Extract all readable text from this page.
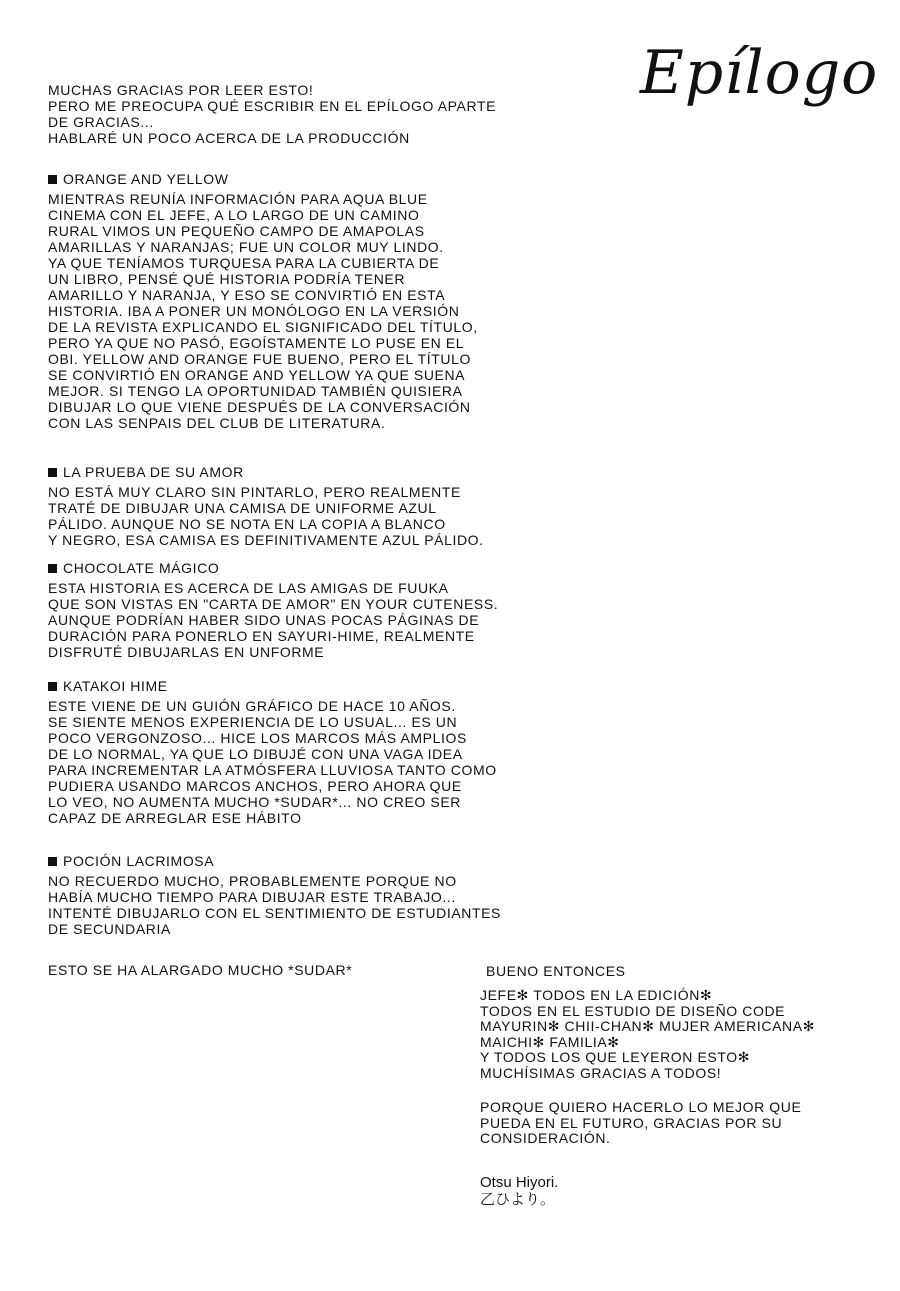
Epílogo

MUCHAS GRACIAS POR LEER ESTO!
PERO ME PREOCUPA QUÉ ESCRIBIR EN EL EPÍLOGO APARTE
DE GRACIAS...
HABLARÉ UN POCO ACERCA DE LA PRODUCCIÓN

ORANGE AND YELLOW

MIENTRAS REUNÍA INFORMACIÓN PARA AQUA BLUE
CINEMA CON EL JEFE, A LO LARGO DE UN CAMINO
RURAL VIMOS UN PEQUEÑO CAMPO DE AMAPOLAS
AMARILLAS Y NARANJAS; FUE UN COLOR MUY LINDO.
YA QUE TENÍAMOS TURQUESA PARA LA CUBIERTA DE
UN LIBRO, PENSÉ QUÉ HISTORIA PODRÍA TENER
AMARILLO Y NARANJA, Y ESO SE CONVIRTIÓ EN ESTA
HISTORIA. IBA A PONER UN MONÓLOGO EN LA VERSIÓN
DE LA REVISTA EXPLICANDO EL SIGNIFICADO DEL TÍTULO,
PERO YA QUE NO PASÓ, EGOÍSTAMENTE LO PUSE EN EL
OBI. YELLOW AND ORANGE FUE BUENO, PERO EL TÍTULO
SE CONVIRTIÓ EN ORANGE AND YELLOW YA QUE SUENA
MEJOR. SI TENGO LA OPORTUNIDAD TAMBIÉN QUISIERA
DIBUJAR LO QUE VIENE DESPUÉS DE LA CONVERSACIÓN
CON LAS SENPAIS DEL CLUB DE LITERATURA.

LA PRUEBA DE SU AMOR

NO ESTÁ MUY CLARO SIN PINTARLO, PERO REALMENTE
TRATÉ DE DIBUJAR UNA CAMISA DE UNIFORME AZUL
PÁLIDO. AUNQUE NO SE NOTA EN LA COPIA A BLANCO
Y NEGRO, ESA CAMISA ES DEFINITIVAMENTE AZUL PÁLIDO.

CHOCOLATE MÁGICO

ESTA HISTORIA ES ACERCA DE LAS AMIGAS DE FUUKA
QUE SON VISTAS EN "CARTA DE AMOR" EN YOUR CUTENESS.
AUNQUE PODRÍAN HABER SIDO UNAS POCAS PÁGINAS DE
DURACIÓN PARA PONERLO EN SAYURI-HIME, REALMENTE
DISFRUTÉ DIBUJARLAS EN UNFORME

KATAKOI HIME

ESTE VIENE DE UN GUIÓN GRÁFICO DE HACE 10 AÑOS.
SE SIENTE MENOS EXPERIENCIA DE LO USUAL... ES UN
POCO VERGONZOSO... HICE LOS MARCOS MÁS AMPLIOS
DE LO NORMAL, YA QUE LO DIBUJÉ CON UNA VAGA IDEA
PARA INCREMENTAR LA ATMÓSFERA LLUVIOSA TANTO COMO
PUDIERA USANDO MARCOS ANCHOS, PERO AHORA QUE
LO VEO, NO AUMENTA MUCHO *SUDAR*... NO CREO SER
CAPAZ DE ARREGLAR ESE HÁBITO

POCIÓN LACRIMOSA

NO RECUERDO MUCHO, PROBABLEMENTE PORQUE NO
HABÍA MUCHO TIEMPO PARA DIBUJAR ESTE TRABAJO...
INTENTÉ DIBUJARLO CON EL SENTIMIENTO DE ESTUDIANTES
DE SECUNDARIA

ESTO SE HA ALARGADO MUCHO *SUDAR*	BUENO ENTONCES

JEFE✻ TODOS EN LA EDICIÓN✻
TODOS EN EL ESTUDIO DE DISEÑO CODE
MAYURIN✻ CHII-CHAN✻ MUJER AMERICANA✻
MAICHI✻ FAMILIA✻
Y TODOS LOS QUE LEYERON ESTO✻
MUCHÍSIMAS GRACIAS A TODOS!

PORQUE QUIERO HACERLO LO MEJOR QUE
PUEDA EN EL FUTURO, GRACIAS POR SU
CONSIDERACIÓN.

Otsu Hiyori.

乙ひより。
